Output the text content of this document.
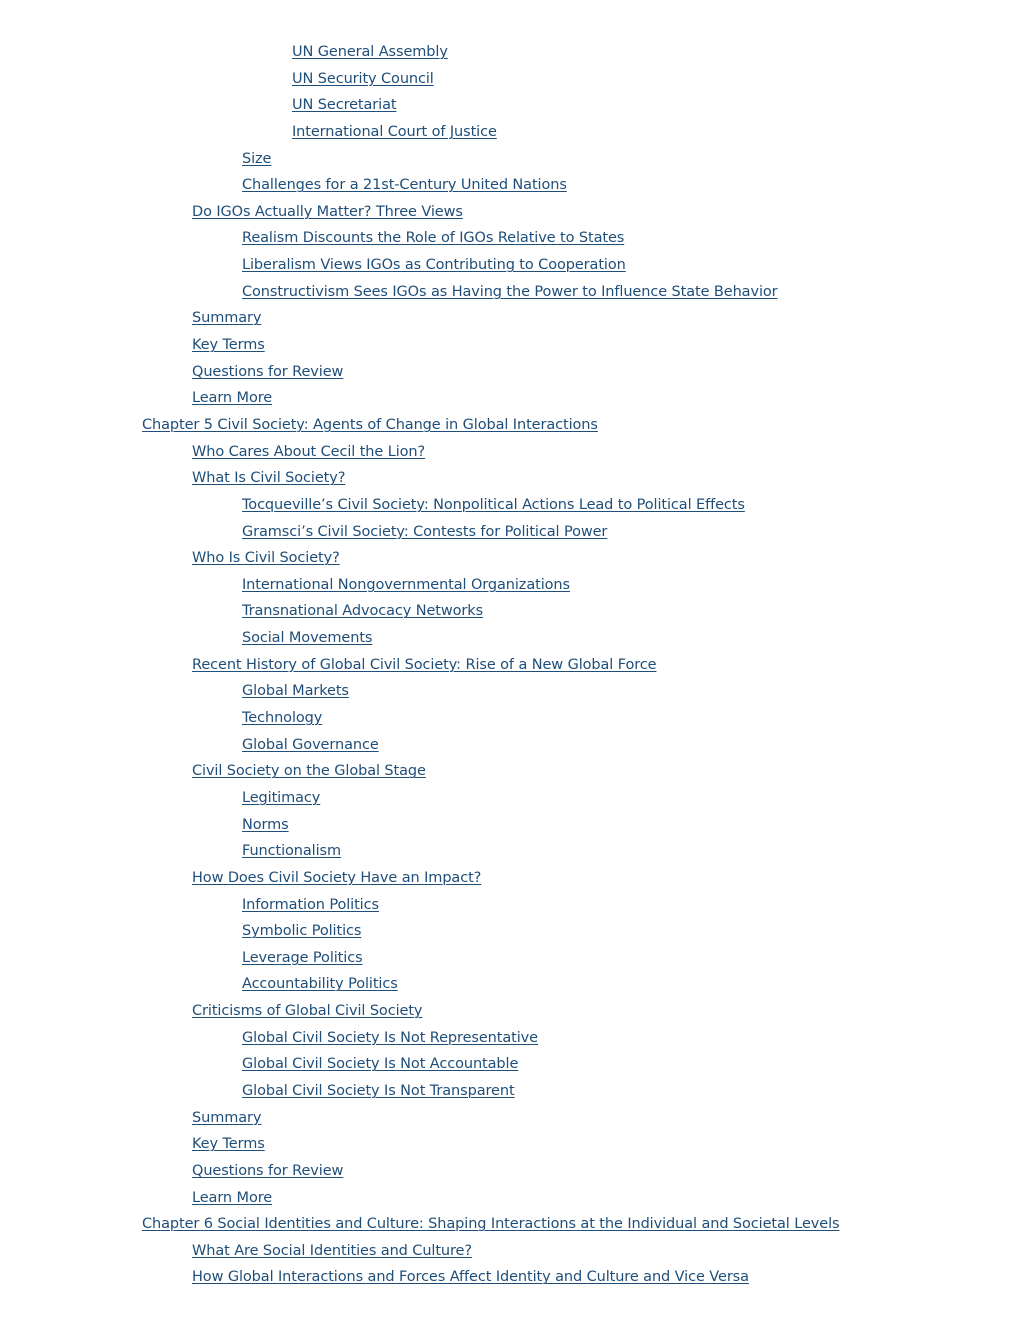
UN General Assembly
UN Security Council
UN Secretariat
International Court of Justice
Size
Challenges for a 21st-Century United Nations
Do IGOs Actually Matter? Three Views
Realism Discounts the Role of IGOs Relative to States
Liberalism Views IGOs as Contributing to Cooperation
Constructivism Sees IGOs as Having the Power to Influence State Behavior
Summary
Key Terms
Questions for Review
Learn More
Chapter 5 Civil Society: Agents of Change in Global Interactions
Who Cares About Cecil the Lion?
What Is Civil Society?
Tocqueville’s Civil Society: Nonpolitical Actions Lead to Political Effects
Gramsci’s Civil Society: Contests for Political Power
Who Is Civil Society?
International Nongovernmental Organizations
Transnational Advocacy Networks
Social Movements
Recent History of Global Civil Society: Rise of a New Global Force
Global Markets
Technology
Global Governance
Civil Society on the Global Stage
Legitimacy
Norms
Functionalism
How Does Civil Society Have an Impact?
Information Politics
Symbolic Politics
Leverage Politics
Accountability Politics
Criticisms of Global Civil Society
Global Civil Society Is Not Representative
Global Civil Society Is Not Accountable
Global Civil Society Is Not Transparent
Summary
Key Terms
Questions for Review
Learn More
Chapter 6 Social Identities and Culture: Shaping Interactions at the Individual and Societal Levels
What Are Social Identities and Culture?
How Global Interactions and Forces Affect Identity and Culture and Vice Versa
